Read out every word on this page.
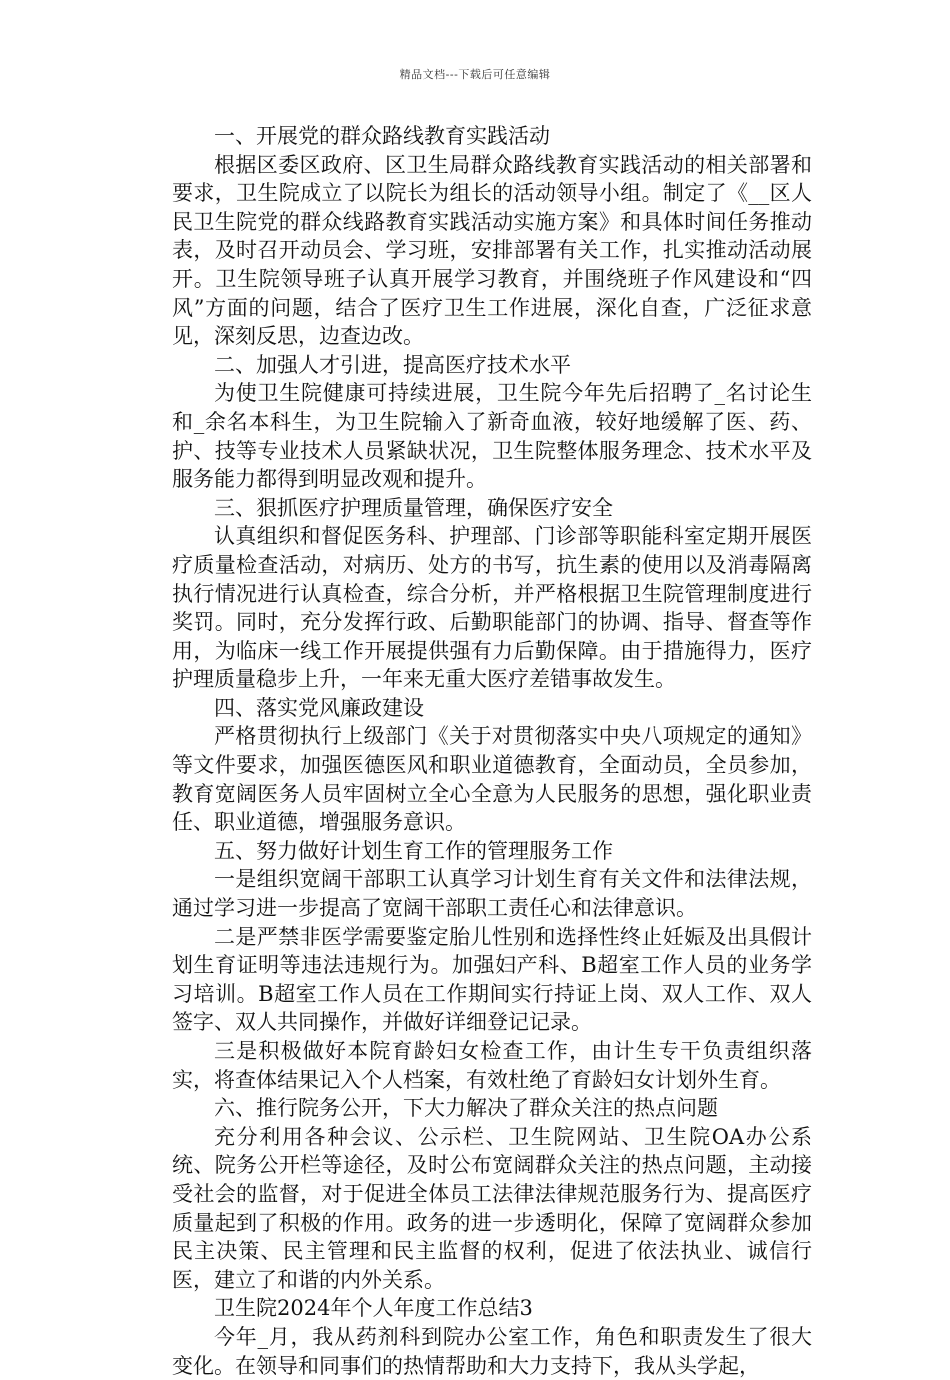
精品文档---下载后可任意编辑

一、开展党的群众路线教育实践活动

根据区委区政府、区卫生局群众路线教育实践活动的相关部署和要求，卫生院成立了以院长为组长的活动领导小组。制定了《__区人民卫生院党的群众线路教育实践活动实施方案》和具体时间任务推动表，及时召开动员会、学习班，安排部署有关工作，扎实推动活动展开。卫生院领导班子认真开展学习教育，并围绕班子作风建设和“四风”方面的问题，结合了医疗卫生工作进展，深化自查，广泛征求意见，深刻反思，边查边改。

二、加强人才引进，提高医疗技术水平

为使卫生院健康可持续进展，卫生院今年先后招聘了_名讨论生和_余名本科生，为卫生院输入了新奇血液，较好地缓解了医、药、护、技等专业技术人员紧缺状况，卫生院整体服务理念、技术水平及服务能力都得到明显改观和提升。

三、狠抓医疗护理质量管理，确保医疗安全

认真组织和督促医务科、护理部、门诊部等职能科室定期开展医疗质量检查活动，对病历、处方的书写，抗生素的使用以及消毒隔离执行情况进行认真检查，综合分析，并严格根据卫生院管理制度进行奖罚。同时，充分发挥行政、后勤职能部门的协调、指导、督查等作用，为临床一线工作开展提供强有力后勤保障。由于措施得力，医疗护理质量稳步上升，一年来无重大医疗差错事故发生。

四、落实党风廉政建设

严格贯彻执行上级部门《关于对贯彻落实中央八项规定的通知》等文件要求，加强医德医风和职业道德教育，全面动员，全员参加，教育宽阔医务人员牢固树立全心全意为人民服务的思想，强化职业责任、职业道德，增强服务意识。

五、努力做好计划生育工作的管理服务工作

一是组织宽阔干部职工认真学习计划生育有关文件和法律法规，通过学习进一步提高了宽阔干部职工责任心和法律意识。

二是严禁非医学需要鉴定胎儿性别和选择性终止妊娠及出具假计划生育证明等违法违规行为。加强妇产科、B超室工作人员的业务学习培训。B超室工作人员在工作期间实行持证上岗、双人工作、双人签字、双人共同操作，并做好详细登记记录。

三是积极做好本院育龄妇女检查工作，由计生专干负责组织落实，将查体结果记入个人档案，有效杜绝了育龄妇女计划外生育。

六、推行院务公开，下大力解决了群众关注的热点问题

充分利用各种会议、公示栏、卫生院网站、卫生院OA办公系统、院务公开栏等途径，及时公布宽阔群众关注的热点问题，主动接受社会的监督，对于促进全体员工法律法律规范服务行为、提高医疗质量起到了积极的作用。政务的进一步透明化，保障了宽阔群众参加民主决策、民主管理和民主监督的权利，促进了依法执业、诚信行医，建立了和谐的内外关系。

卫生院2024年个人年度工作总结3

今年_月，我从药剂科到院办公室工作，角色和职责发生了很大变化。在领导和同事们的热情帮助和大力支持下，我从头学起，
